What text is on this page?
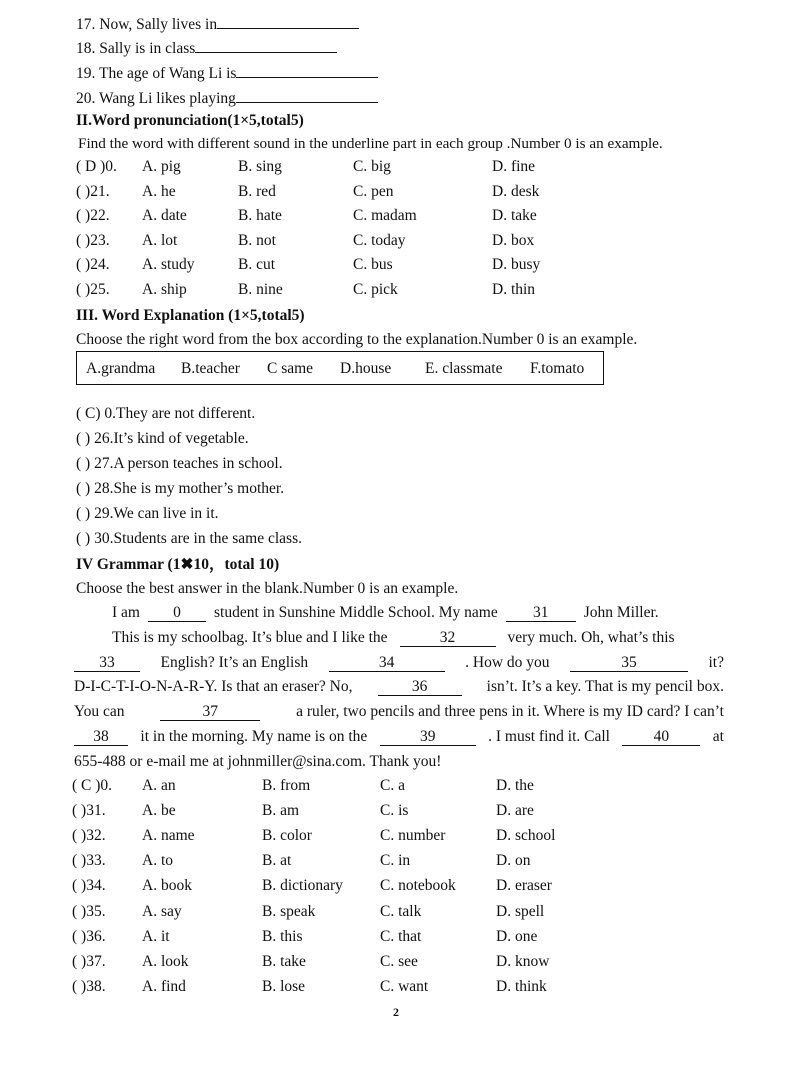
17. Now, Sally lives in
18. Sally is in class
19. The age of Wang Li is
20. Wang Li likes playing
II.Word pronunciation(1×5,total5)
Find the word with different sound in the underline part in each group .Number 0 is an example.
( D )0. A. pig	B. sing	C. big	D. fine
( )21. A. he	B. red	C. pen	D. desk
( )22. A. date	B. hate	C. madam	D. take
( )23. A. lot	B. not	C. today	D. box
( )24. A. study	B. cut	C. bus	D. busy
( )25. A. ship	B. nine	C. pick	D. thin
III. Word Explanation (1×5,total5)
Choose the right word from the box according to the explanation.Number 0 is an example.
A.grandma B.teacher C same D.house E. classmate F.tomato
( C) 0.They are not different.
( ) 26.It’s kind of vegetable.
( ) 27.A person teaches in school.
( ) 28.She is my mother’s mother.
( ) 29.We can live in it.
( ) 30.Students are in the same class.
IV Grammar (1✖10，total 10)
Choose the best answer in the blank.Number 0 is an example.
I am	0	student in Sunshine Middle School. My name	31	John Miller.
This is my schoolbag. It’s blue and I like the	32	very much. Oh, what’s this
33	English? It’s an English	34	. How do you	35	it?
D-I-C-T-I-O-N-A-R-Y. Is that an eraser? No,	36	isn’t. It’s a key. That is my pencil box.
You can	37	a ruler, two pencils and three pens in it. Where is my ID card? I can’t
38	it in the morning. My name is on the	39	. I must find it. Call	40	at
655-488 or e-mail me at johnmiller@sina.com. Thank you!
( C )0. A. an	B. from	C. a	D. the
( )31. A. be	B. am	C. is	D. are
( )32. A. name	B. color	C. number	D. school
( )33. A. to	B. at	C. in	D. on
( )34. A. book	B. dictionary C. notebook	D. eraser
( )35. A. say	B. speak	C. talk	D. spell
( )36. A. it	B. this	C. that	D. one
( )37. A. look	B. take	C. see	D. know
( )38. A. find	B. lose	C. want	D. think
2
